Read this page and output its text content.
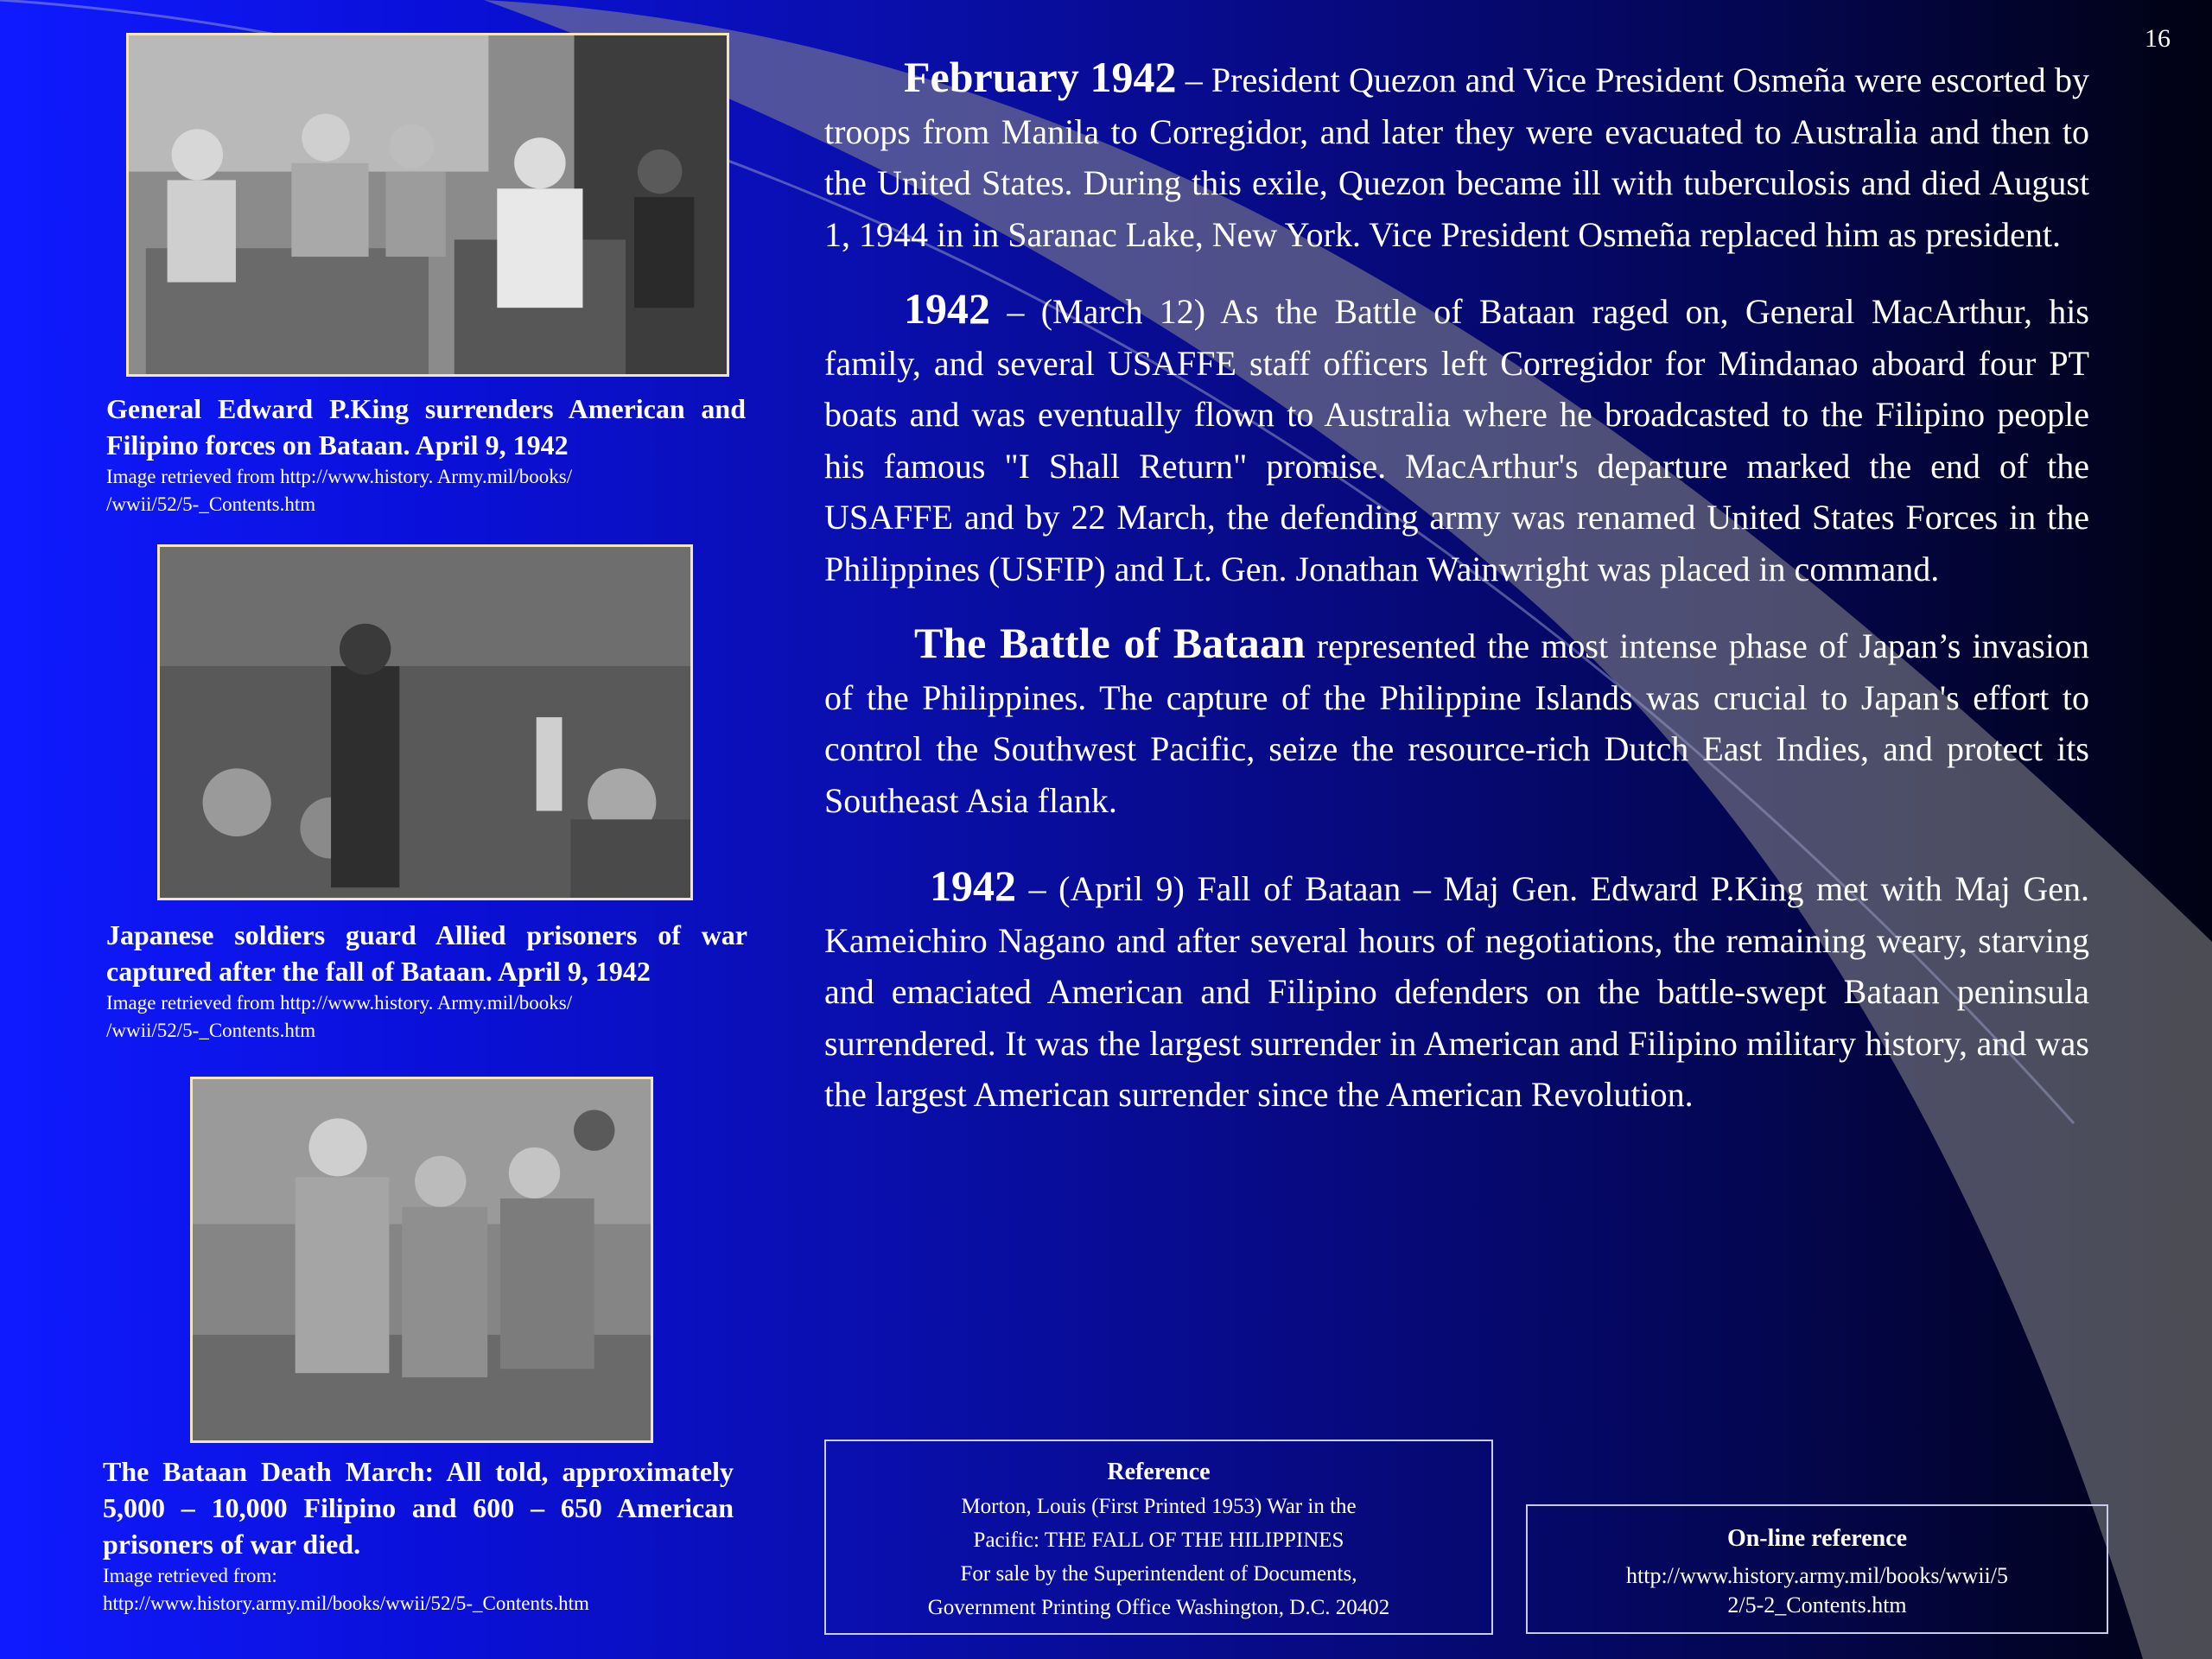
16
General Edward P.King surrenders American and Filipino forces on Bataan. April 9, 1942
Image retrieved from http://www.history. Army.mil/books/
/wwii/52/5-_Contents.htm
Japanese soldiers guard Allied prisoners of war captured after the fall of Bataan. April 9, 1942
Image retrieved from http://www.history. Army.mil/books/
/wwii/52/5-_Contents.htm
The Bataan Death March: All told, approximately 5,000 – 10,000 Filipino and 600 – 650 American prisoners of war died.
Image retrieved from:
http://www.history.army.mil/books/wwii/52/5-_Contents.htm

February 1942 – President Quezon and Vice President Osmeña were escorted by troops from Manila to Corregidor, and later they were evacuated to Australia and then to the United States. During this exile, Quezon became ill with tuberculosis and died August 1, 1944 in in Saranac Lake, New York. Vice President Osmeña replaced him as president.

1942 – (March 12) As the Battle of Bataan raged on, General MacArthur, his family, and several USAFFE staff officers left Corregidor for Mindanao aboard four PT boats and was eventually flown to Australia where he broadcasted to the Filipino people his famous "I Shall Return" promise. MacArthur's departure marked the end of the USAFFE and by 22 March, the defending army was renamed United States Forces in the Philippines (USFIP) and Lt. Gen. Jonathan Wainwright was placed in command.

The Battle of Bataan represented the most intense phase of Japan’s invasion of the Philippines. The capture of the Philippine Islands was crucial to Japan's effort to control the Southwest Pacific, seize the resource-rich Dutch East Indies, and protect its Southeast Asia flank.

1942 – (April 9) Fall of Bataan – Maj Gen. Edward P.King met with Maj Gen. Kameichiro Nagano and after several hours of negotiations, the remaining weary, starving and emaciated American and Filipino defenders on the battle-swept Bataan peninsula surrendered. It was the largest surrender in American and Filipino military history, and was the largest American surrender since the American Revolution.

Reference
Morton, Louis (First Printed 1953) War in the
Pacific: THE FALL OF THE HILIPPINES
For sale by the Superintendent of Documents,
Government Printing Office Washington, D.C. 20402
On-line reference
http://www.history.army.mil/books/wwii/5
2/5-2_Contents.htm
